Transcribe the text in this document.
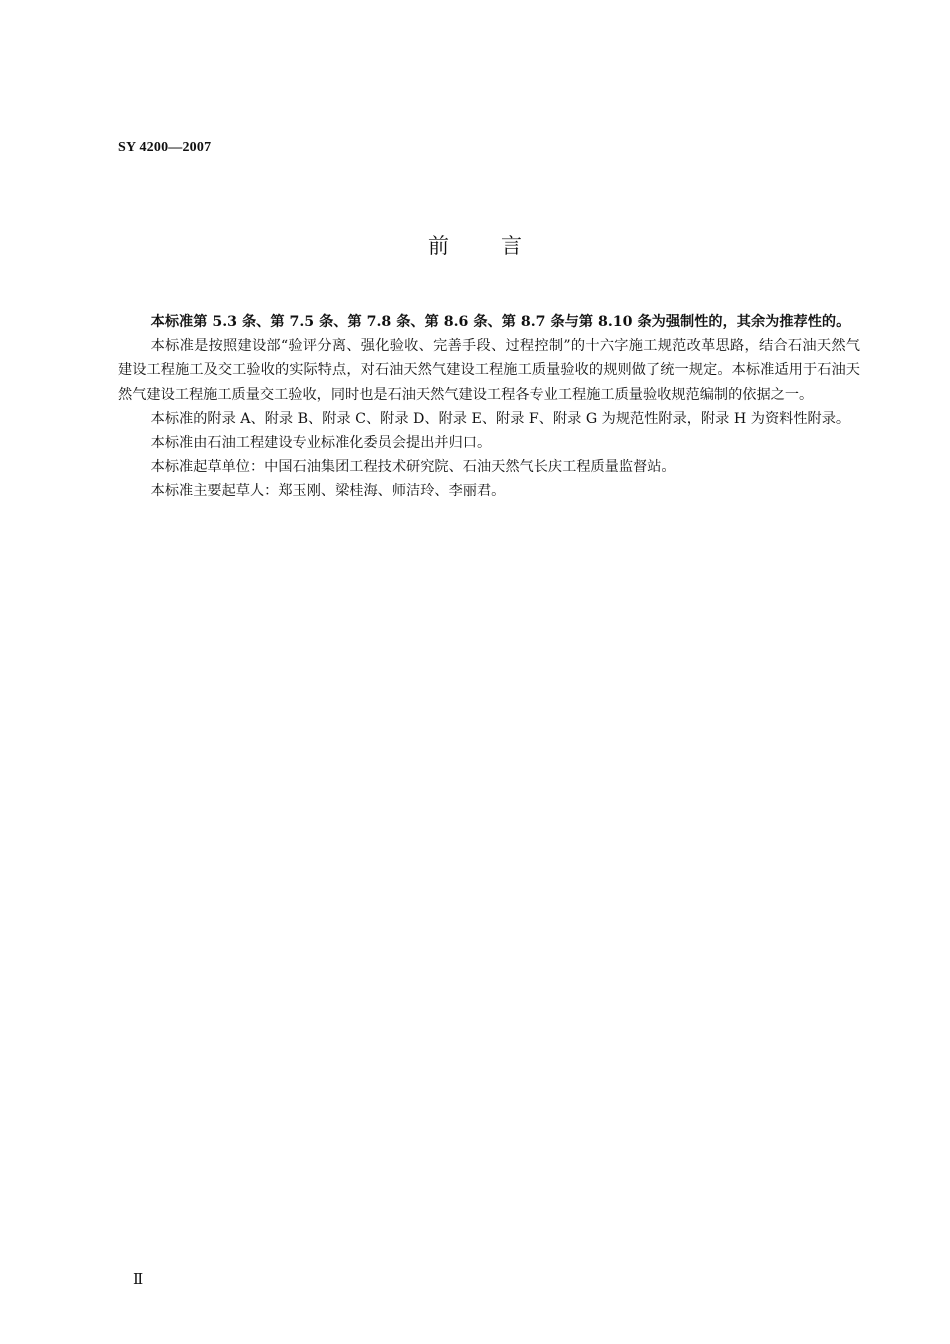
SY 4200—2007
前 言

本标准第 5.3 条、第 7.5 条、第 7.8 条、第 8.6 条、第 8.7 条与第 8.10 条为强制性的，其余为推荐性的。

本标准是按照建设部“验评分离、强化验收、完善手段、过程控制”的十六字施工规范改革思路，结合石油天然气建设工程施工及交工验收的实际特点，对石油天然气建设工程施工质量验收的规则做了统一规定。本标准适用于石油天然气建设工程施工质量交工验收，同时也是石油天然气建设工程各专业工程施工质量验收规范编制的依据之一。

本标准的附录 A、附录 B、附录 C、附录 D、附录 E、附录 F、附录 G 为规范性附录，附录 H 为资料性附录。

本标准由石油工程建设专业标准化委员会提出并归口。

本标准起草单位：中国石油集团工程技术研究院、石油天然气长庆工程质量监督站。

本标准主要起草人：郑玉刚、梁桂海、师洁玲、李丽君。

Ⅱ
